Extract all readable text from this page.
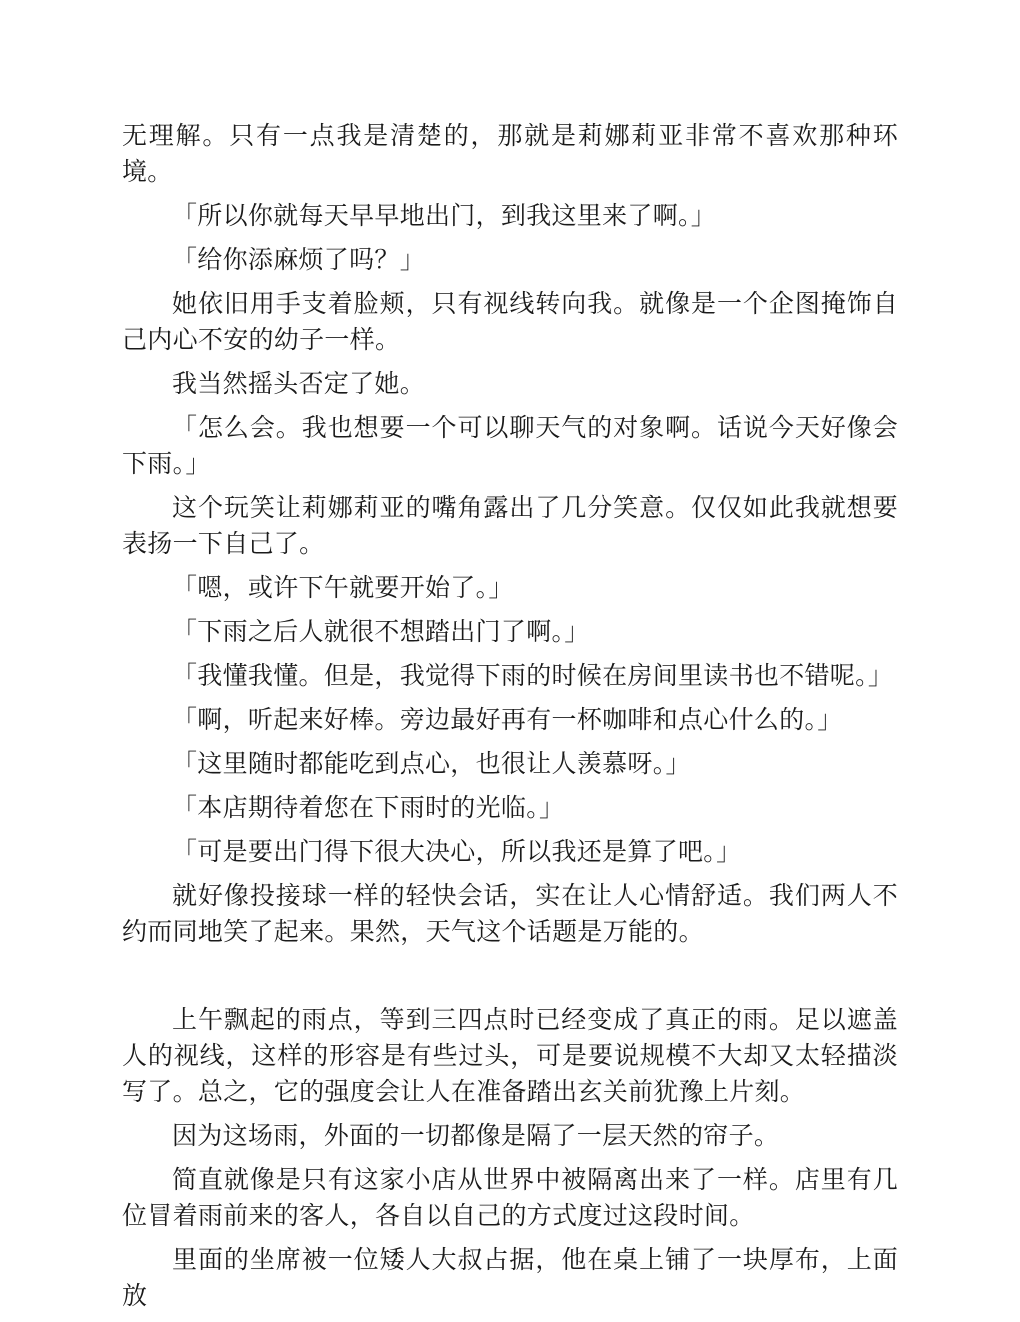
无理解。只有一点我是清楚的，那就是莉娜莉亚非常不喜欢那种环境。

「所以你就每天早早地出门，到我这里来了啊。」

「给你添麻烦了吗？」

她依旧用手支着脸颊，只有视线转向我。就像是一个企图掩饰自己内心不安的幼子一样。

我当然摇头否定了她。

「怎么会。我也想要一个可以聊天气的对象啊。话说今天好像会下雨。」

这个玩笑让莉娜莉亚的嘴角露出了几分笑意。仅仅如此我就想要表扬一下自己了。

「嗯，或许下午就要开始了。」

「下雨之后人就很不想踏出门了啊。」

「我懂我懂。但是，我觉得下雨的时候在房间里读书也不错呢。」

「啊，听起来好棒。旁边最好再有一杯咖啡和点心什么的。」

「这里随时都能吃到点心，也很让人羡慕呀。」

「本店期待着您在下雨时的光临。」

「可是要出门得下很大决心，所以我还是算了吧。」

就好像投接球一样的轻快会话，实在让人心情舒适。我们两人不约而同地笑了起来。果然，天气这个话题是万能的。

上午飘起的雨点，等到三四点时已经变成了真正的雨。足以遮盖人的视线，这样的形容是有些过头，可是要说规模不大却又太轻描淡写了。总之，它的强度会让人在准备踏出玄关前犹豫上片刻。

因为这场雨，外面的一切都像是隔了一层天然的帘子。

简直就像是只有这家小店从世界中被隔离出来了一样。店里有几位冒着雨前来的客人，各自以自己的方式度过这段时间。

里面的坐席被一位矮人大叔占据，他在桌上铺了一块厚布，上面放
